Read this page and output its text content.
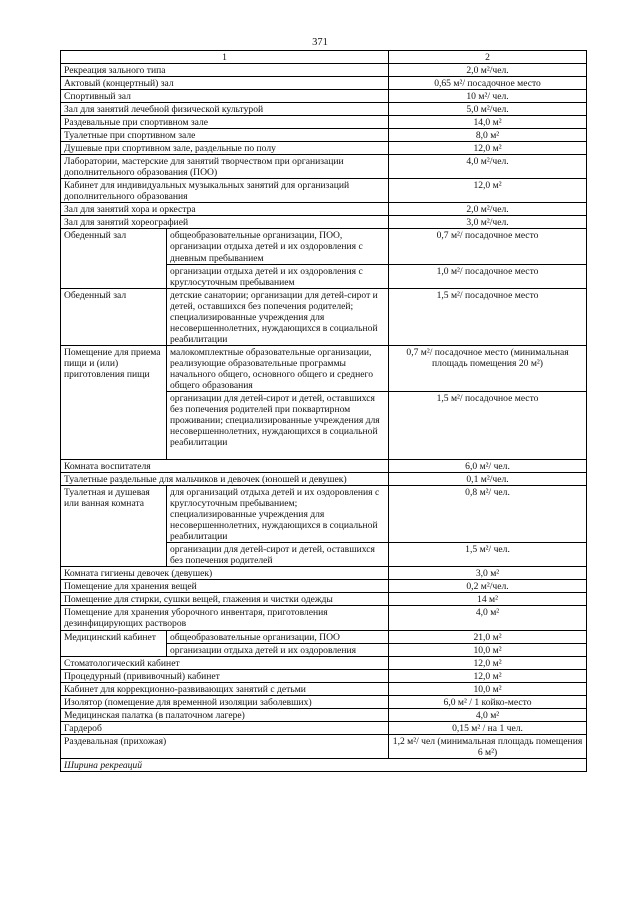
371
1		2
Рекреация зального типа		2,0 м²/чел.
Актовый (концертный) зал		0,65 м²/ посадочное место
Спортивный зал		10 м²/ чел.
Зал для занятий лечебной физической культурой		5,0 м²/чел.
Раздевальные при спортивном зале		14,0 м²
Туалетные при спортивном зале		8,0 м²
Душевые при спортивном зале, раздельные по полу		12,0 м²
Лаборатории, мастерские для занятий творчеством при организации дополнительного образования (ПОО)		4,0 м²/чел.
Кабинет для индивидуальных музыкальных занятий для организаций дополнительного образования		12,0 м²
Зал для занятий хора и оркестра		2,0 м²/чел.
Зал для занятий хореографией		3,0 м²/чел.
Обеденный зал	общеобразовательные организации, ПОО, организации отдыха детей и их оздоровления с дневным пребыванием	0,7 м²/ посадочное место
	организации отдыха детей и их оздоровления с круглосуточным пребыванием	1,0 м²/ посадочное место
Обеденный зал	детские санатории; организации для детей-сирот и детей, оставшихся без попечения родителей; специализированные учреждения для несовершеннолетних, нуждающихся в социальной реабилитации	1,5 м²/ посадочное место
Помещение для приема пищи и (или) приготовления пищи	малокомплектные образовательные организации, реализующие образовательные программы начального общего, основного общего и среднего общего образования	0,7 м²/ посадочное место (минимальная площадь помещения 20 м²)
	организации для детей-сирот и детей, оставшихся без попечения родителей при поквартирном проживании; специализированные учреждения для несовершеннолетних, нуждающихся в социальной реабилитации	1,5 м²/ посадочное место
Комната воспитателя		6,0 м²/ чел.
Туалетные раздельные для мальчиков и девочек (юношей и девушек)		0,1 м²/чел.
Туалетная и душевая или ванная комната	для организаций отдыха детей и их оздоровления с круглосуточным пребыванием; специализированные учреждения для несовершеннолетних, нуждающихся в социальной реабилитации	0,8 м²/ чел.
	организации для детей-сирот и детей, оставшихся без попечения родителей	1,5 м²/ чел.
Комната гигиены девочек (девушек)		3,0 м²
Помещение для хранения вещей		0,2 м²/чел.
Помещение для стирки, сушки вещей, глажения и чистки одежды		14 м²
Помещение для хранения уборочного инвентаря, приготовления дезинфицирующих растворов		4,0 м²
Медицинский кабинет	общеобразовательные организации, ПОО	21,0 м²
	организации отдыха детей и их оздоровления	10,0 м²
Стоматологический кабинет		12,0 м²
Процедурный (прививочный) кабинет		12,0 м²
Кабинет для коррекционно-развивающих занятий с детьми		10,0 м²
Изолятор (помещение для временной изоляции заболевших)		6,0 м² / 1 койко-место
Медицинская палатка (в палаточном лагере)		4,0 м²
Гардероб		0,15 м² / на 1 чел.
Раздевальная (прихожая)		1,2 м²/ чел (минимальная площадь помещения 6 м²)
Ширина рекреаций		
